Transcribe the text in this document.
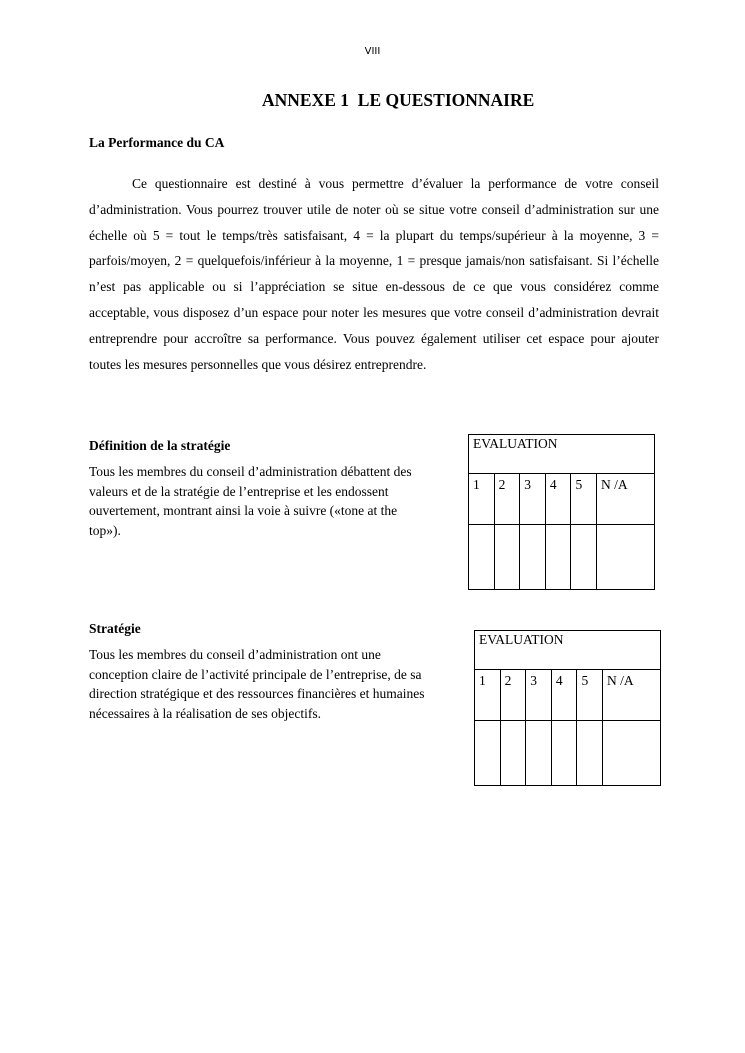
VIII
ANNEXE 1  LE QUESTIONNAIRE
La Performance du CA
Ce questionnaire est destiné à vous permettre d’évaluer la performance de votre conseil d’administration. Vous pourrez trouver utile de noter où se situe votre conseil d’administration sur une échelle où 5 = tout le temps/très satisfaisant, 4 = la plupart du temps/supérieur à la moyenne, 3 = parfois/moyen, 2 = quelquefois/inférieur à la moyenne, 1 = presque jamais/non satisfaisant. Si l’échelle n’est pas applicable ou si l’appréciation se situe en-dessous de ce que vous considérez comme acceptable, vous disposez d’un espace pour noter les mesures que votre conseil d’administration devrait entreprendre pour accroître sa performance. Vous pouvez également utiliser cet espace pour ajouter toutes les mesures personnelles que vous désirez entreprendre.
Définition de la stratégie
Tous les membres du conseil d’administration débattent des
valeurs et de la stratégie de l’entreprise et les endossent
ouvertement, montrant ainsi la voie à suivre («tone at the
top»).
EVALUATION					
1	2	3	4	5	N /A

Stratégie
Tous les membres du conseil d’administration ont une
conception claire de l’activité principale de l’entreprise, de sa
direction stratégique et des ressources financières et humaines
nécessaires à la réalisation de ses objectifs.
EVALUATION					
1	2	3	4	5	N /A
